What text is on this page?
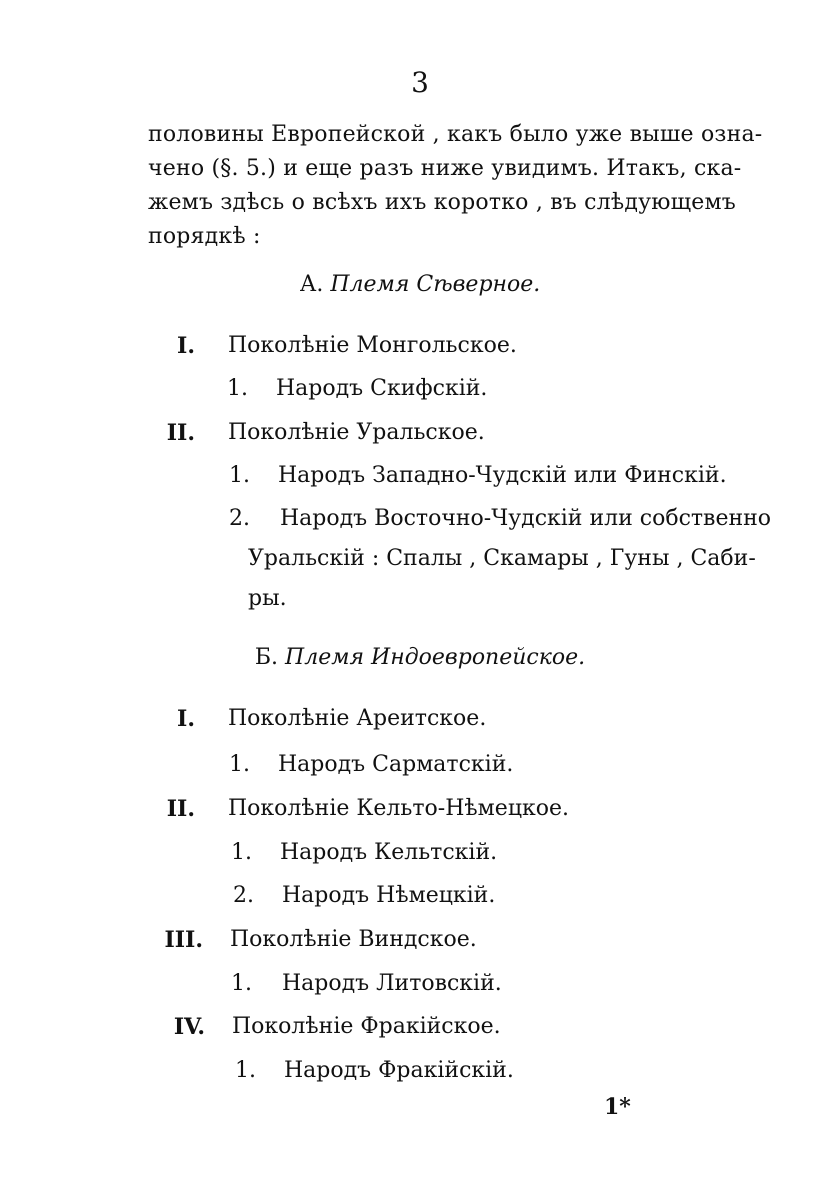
3
половины Европейской , какъ было уже выше озна-
чено (§. 5.) и еще разъ ниже увидимъ. Итакъ, ска-
жемъ здѣсь о всѣхъ ихъ коротко , въ слѣдующемъ
порядкѣ :
А. Племя Сѣверное.
I. Поколѣніе Монгольское.
1. Народъ Скифскій.
II. Поколѣніе Уральское.
1. Народъ Западно-Чудскій или Финскій.
2. Народъ Восточно-Чудскій или собственно
Уральскій : Спалы , Скамары , Гуны , Саби-
ры.
Б. Племя Индоевропейское.
I. Поколѣніе Ареитское.
1. Народъ Сарматскій.
II. Поколѣніе Кельто-Нѣмецкое.
1. Народъ Кельтскій.
2. Народъ Нѣмецкій.
III. Поколѣніе Виндское.
1. Народъ Литовскій.
IV. Поколѣніе Фракійское.
1. Народъ Фракійскій.
1*
